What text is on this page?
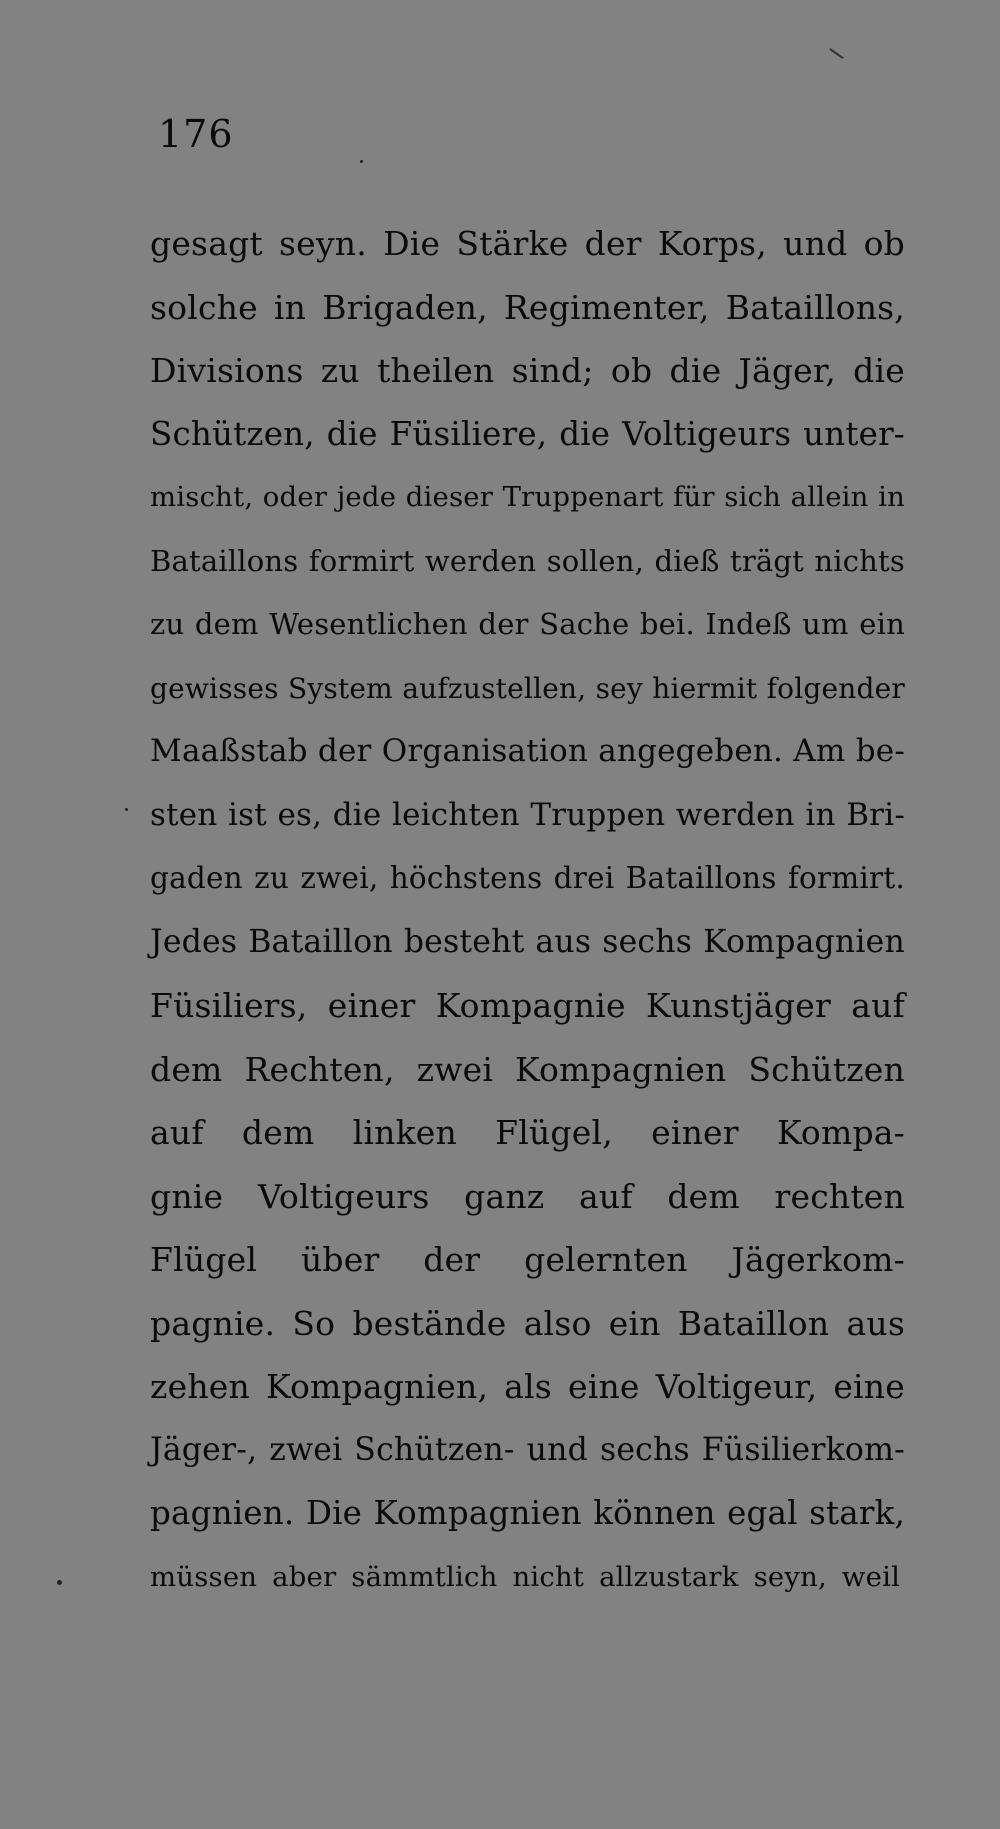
176
gesagt seyn. Die Stärke der Korps, und ob
solche in Brigaden, Regimenter, Bataillons,
Divisions zu theilen sind; ob die Jäger, die
Schützen, die Füsiliere, die Voltigeurs unter-
mischt, oder jede dieser Truppenart für sich allein in
Bataillons formirt werden sollen, dieß trägt nichts
zu dem Wesentlichen der Sache bei. Indeß um ein
gewisses System aufzustellen, sey hiermit folgender
Maaßstab der Organisation angegeben. Am be-
sten ist es, die leichten Truppen werden in Bri-
gaden zu zwei, höchstens drei Bataillons formirt.
Jedes Bataillon besteht aus sechs Kompagnien
Füsiliers, einer Kompagnie Kunstjäger auf
dem Rechten, zwei Kompagnien Schützen
auf dem linken Flügel, einer Kompa-
gnie Voltigeurs ganz auf dem rechten
Flügel über der gelernten Jägerkom-
pagnie. So bestände also ein Bataillon aus
zehen Kompagnien, als eine Voltigeur, eine
Jäger-, zwei Schützen- und sechs Füsilierkom-
pagnien. Die Kompagnien können egal stark,
müssen aber sämmtlich nicht allzustark seyn, weil
